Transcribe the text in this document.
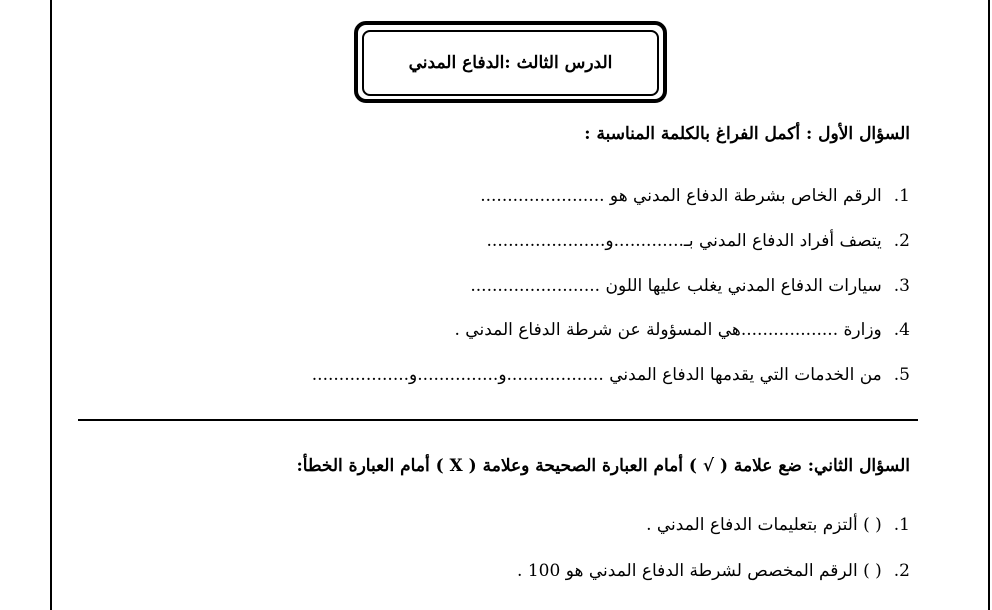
الدرس الثالث :الدفاع المدني
السؤال الأول : أكمل الفراغ بالكلمة المناسبة :
1.
الرقم الخاص بشرطة الدفاع المدني هو .......................
2.
يتصف أفراد الدفاع المدني بـ.............و......................
3.
سيارات الدفاع المدني يغلب عليها اللون ........................
4.
وزارة ..................هي المسؤولة عن شرطة الدفاع المدني .
5.
من الخدمات التي يقدمها الدفاع المدني ..................و...............و..................
السؤال الثاني: ضع علامة ( √ ) أمام العبارة الصحيحة وعلامة ( X ) أمام العبارة الخطأ:
1.
( ) ألتزم بتعليمات الدفاع المدني .
2.
( ) الرقم المخصص لشرطة الدفاع المدني هو 100 .
